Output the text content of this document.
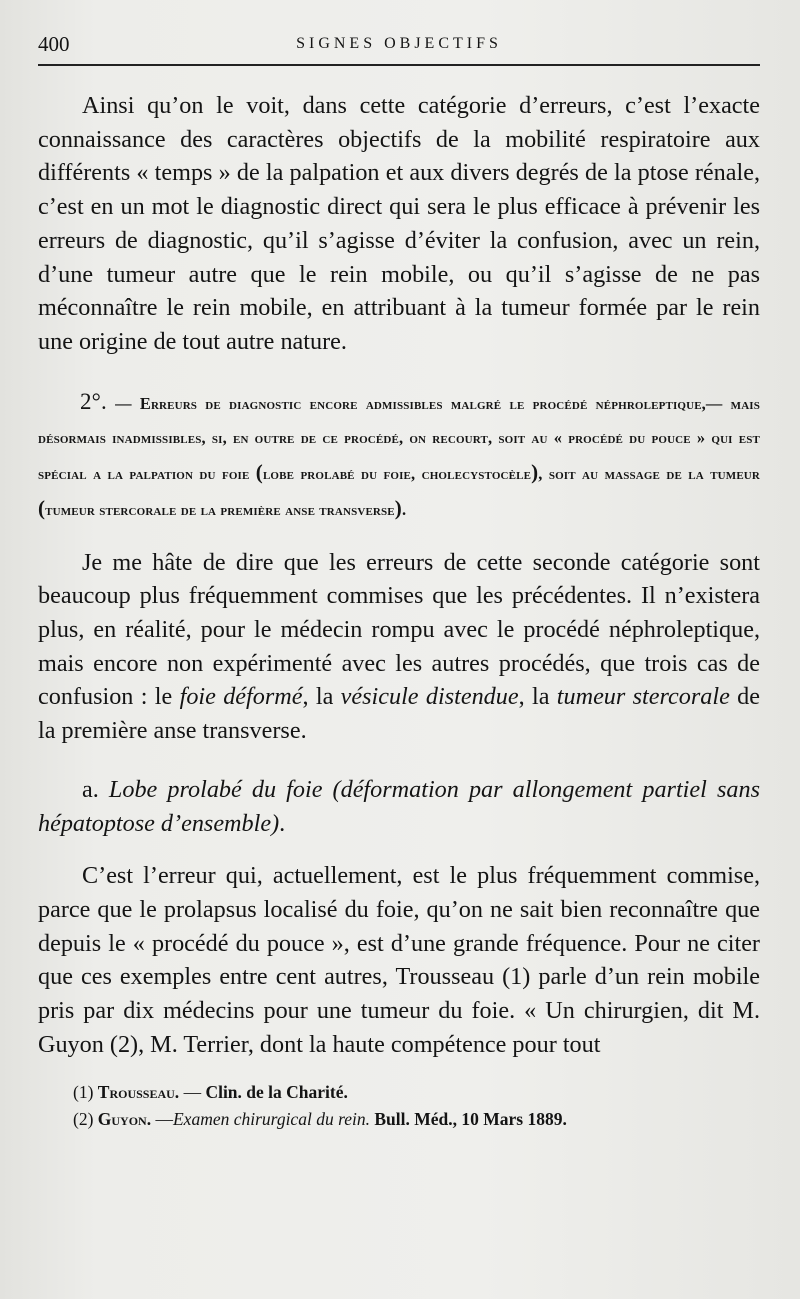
400	SIGNES OBJECTIFS

Ainsi qu’on le voit, dans cette catégorie d’erreurs, c’est l’exacte connaissance des caractères objectifs de la mobilité respiratoire aux différents « temps » de la palpation et aux divers degrés de la ptose rénale, c’est en un mot le diagnostic direct qui sera le plus efficace à prévenir les erreurs de diagnostic, qu’il s’agisse d’éviter la confusion, avec un rein, d’une tumeur autre que le rein mobile, ou qu’il s’agisse de ne pas méconnaître le rein mobile, en attribuant à la tumeur formée par le rein une origine de tout autre nature.

2°. — Erreurs de diagnostic encore admissibles malgré le procédé néphroleptique,— mais désormais inadmissibles, si, en outre de ce procédé, on recourt, soit au « procédé du pouce » qui est spécial a la palpation du foie (lobe prolabé du foie, cholecystocèle), soit au massage de la tumeur (tumeur stercorale de la première anse transverse).

Je me hâte de dire que les erreurs de cette seconde catégorie sont beaucoup plus fréquemment commises que les précédentes. Il n’existera plus, en réalité, pour le médecin rompu avec le procédé néphroleptique, mais encore non expérimenté avec les autres procédés, que trois cas de confusion : le foie déformé, la vésicule distendue, la tumeur stercorale de la première anse transverse.

a. Lobe prolabé du foie (déformation par allongement partiel sans hépatoptose d’ensemble).

C’est l’erreur qui, actuellement, est le plus fréquemment commise, parce que le prolapsus localisé du foie, qu’on ne sait bien reconnaître que depuis le « procédé du pouce », est d’une grande fréquence. Pour ne citer que ces exemples entre cent autres, Trousseau (1) parle d’un rein mobile pris par dix médecins pour une tumeur du foie. « Un chirurgien, dit M. Guyon (2), M. Terrier, dont la haute compétence pour tout

(1) Trousseau. — Clin. de la Charité.

(2) Guyon. —Examen chirurgical du rein. Bull. Méd., 10 Mars 1889.
